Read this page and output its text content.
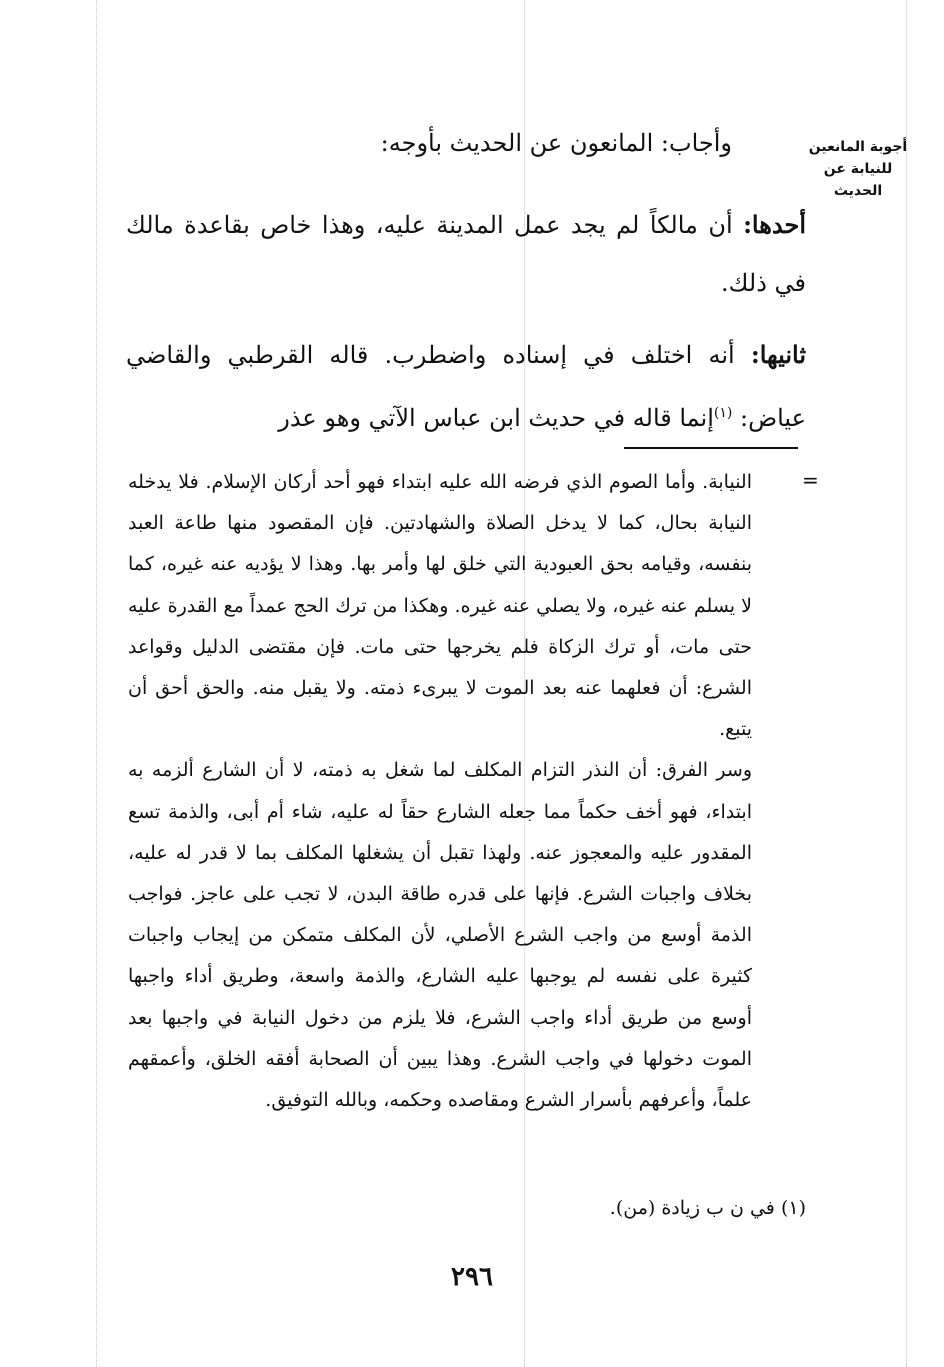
أجوبة المانعين
للنيابة عن
الحديث

وأجاب: المانعون عن الحديث بأوجه:

أحدها: أن مالكاً لم يجد عمل المدينة عليه، وهذا خاص بقاعدة مالك في ذلك.

ثانيها: أنه اختلف في إسناده واضطرب. قاله القرطبي والقاضي عياض: $^{(١)}$إنما قاله في حديث ابن عباس الآتي وهو عذر

=

النيابة. وأما الصوم الذي فرضه الله عليه ابتداء فهو أحد أركان الإسلام. فلا يدخله النيابة بحال، كما لا يدخل الصلاة والشهادتين. فإن المقصود منها طاعة العبد بنفسه، وقيامه بحق العبودية التي خلق لها وأمر بها. وهذا لا يؤديه عنه غيره، كما لا يسلم عنه غيره، ولا يصلي عنه غيره. وهكذا من ترك الحج عمداً مع القدرة عليه حتى مات، أو ترك الزكاة فلم يخرجها حتى مات. فإن مقتضى الدليل وقواعد الشرع: أن فعلهما عنه بعد الموت لا يبرىء ذمته. ولا يقبل منه. والحق أحق أن يتبع.

وسر الفرق: أن النذر التزام المكلف لما شغل به ذمته، لا أن الشارع ألزمه به ابتداء، فهو أخف حكماً مما جعله الشارع حقاً له عليه، شاء أم أبى، والذمة تسع المقدور عليه والمعجوز عنه. ولهذا تقبل أن يشغلها المكلف بما لا قدر له عليه، بخلاف واجبات الشرع. فإنها على قدره طاقة البدن، لا تجب على عاجز. فواجب الذمة أوسع من واجب الشرع الأصلي، لأن المكلف متمكن من إيجاب واجبات كثيرة على نفسه لم يوجبها عليه الشارع، والذمة واسعة، وطريق أداء واجبها أوسع من طريق أداء واجب الشرع، فلا يلزم من دخول النيابة في واجبها بعد الموت دخولها في واجب الشرع. وهذا يبين أن الصحابة أفقه الخلق، وأعمقهم علماً، وأعرفهم بأسرار الشرع ومقاصده وحكمه، وبالله التوفيق.

(١) في ن ب زيادة (من).
٢٩٦
